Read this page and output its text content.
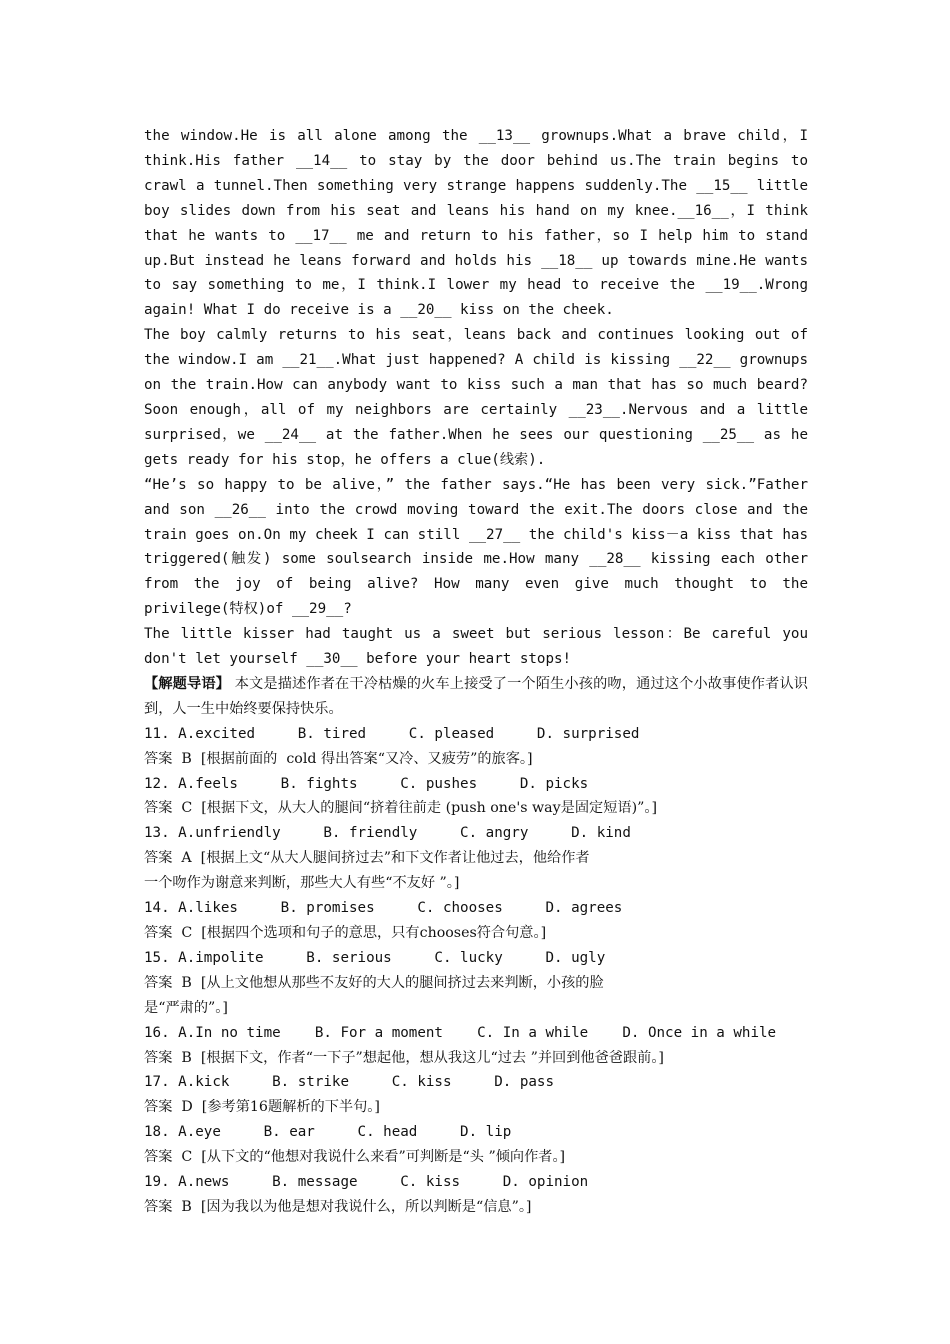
the window.He is all alone among the __13__ grownups.What a brave child，I think.His father __14__ to stay by the door behind us.The train begins to crawl a tunnel.Then something very strange happens suddenly.The __15__ little boy slides down from his seat and leans his hand on my knee.__16__，I think that he wants to __17__ me and return to his father，so I help him to stand up.But instead he leans forward and holds his __18__ up towards mine.He wants to say something to me，I think.I lower my head to receive the __19__.Wrong again! What I do receive is a __20__ kiss on the cheek.

The boy calmly returns to his seat，leans back and continues looking out of the window.I am __21__.What just happened? A child is kissing __22__ grownups on the train.How can anybody want to kiss such a man that has so much beard? Soon enough，all of my neighbors are certainly __23__.Nervous and a little surprised，we __24__ at the father.When he sees our questioning __25__ as he gets ready for his stop，he offers a clue(线索).

“He’s so happy to be alive，” the father says.“He has been very sick.”Father and son __26__ into the crowd moving toward the exit.The doors close and the train goes on.On my cheek I can still __27__ the child's kiss－a kiss that has triggered(触发) some soulsearch inside me.How many __28__ kissing each other from the joy of being alive? How many even give much thought to the privilege(特权)of __29__?

The little kisser had taught us a sweet but serious lesson：Be careful you don't let yourself __30__ before your heart stops!

【解题导语】 本文是描述作者在干冷枯燥的火车上接受了一个陌生小孩的吻，通过这个小故事使作者认识到，人一生中始终要保持快乐。

11. A.excited     B. tired     C. pleased     D. surprised
答案  B  [根据前面的  cold 得出答案“又冷、又疲劳”的旅客。]
12. A.feels     B. fights     C. pushes     D. picks
答案  C  [根据下文，从大人的腿间“挤着往前走 (push one's way是固定短语)”。]
13. A.unfriendly     B. friendly     C. angry     D. kind
答案  A  [根据上文“从大人腿间挤过去”和下文作者让他过去，他给作者
一个吻作为谢意来判断，那些大人有些“不友好 ”。]
14. A.likes     B. promises     C. chooses     D. agrees
答案  C  [根据四个选项和句子的意思，只有chooses符合句意。]
15. A.impolite     B. serious     C. lucky     D. ugly
答案  B  [从上文他想从那些不友好的大人的腿间挤过去来判断，小孩的脸
是“严肃的”。]
16. A.In no time    B. For a moment    C. In a while    D. Once in a while
答案  B  [根据下文，作者“一下子”想起他，想从我这儿“过去 ”并回到他爸爸跟前。]
17. A.kick     B. strike     C. kiss     D. pass
答案  D  [参考第16题解析的下半句。]
18. A.eye     B. ear     C. head     D. lip
答案  C  [从下文的“他想对我说什么来看”可判断是“头 ”倾向作者。]
19. A.news     B. message     C. kiss     D. opinion
答案  B  [因为我以为他是想对我说什么，所以判断是“信息”。]
